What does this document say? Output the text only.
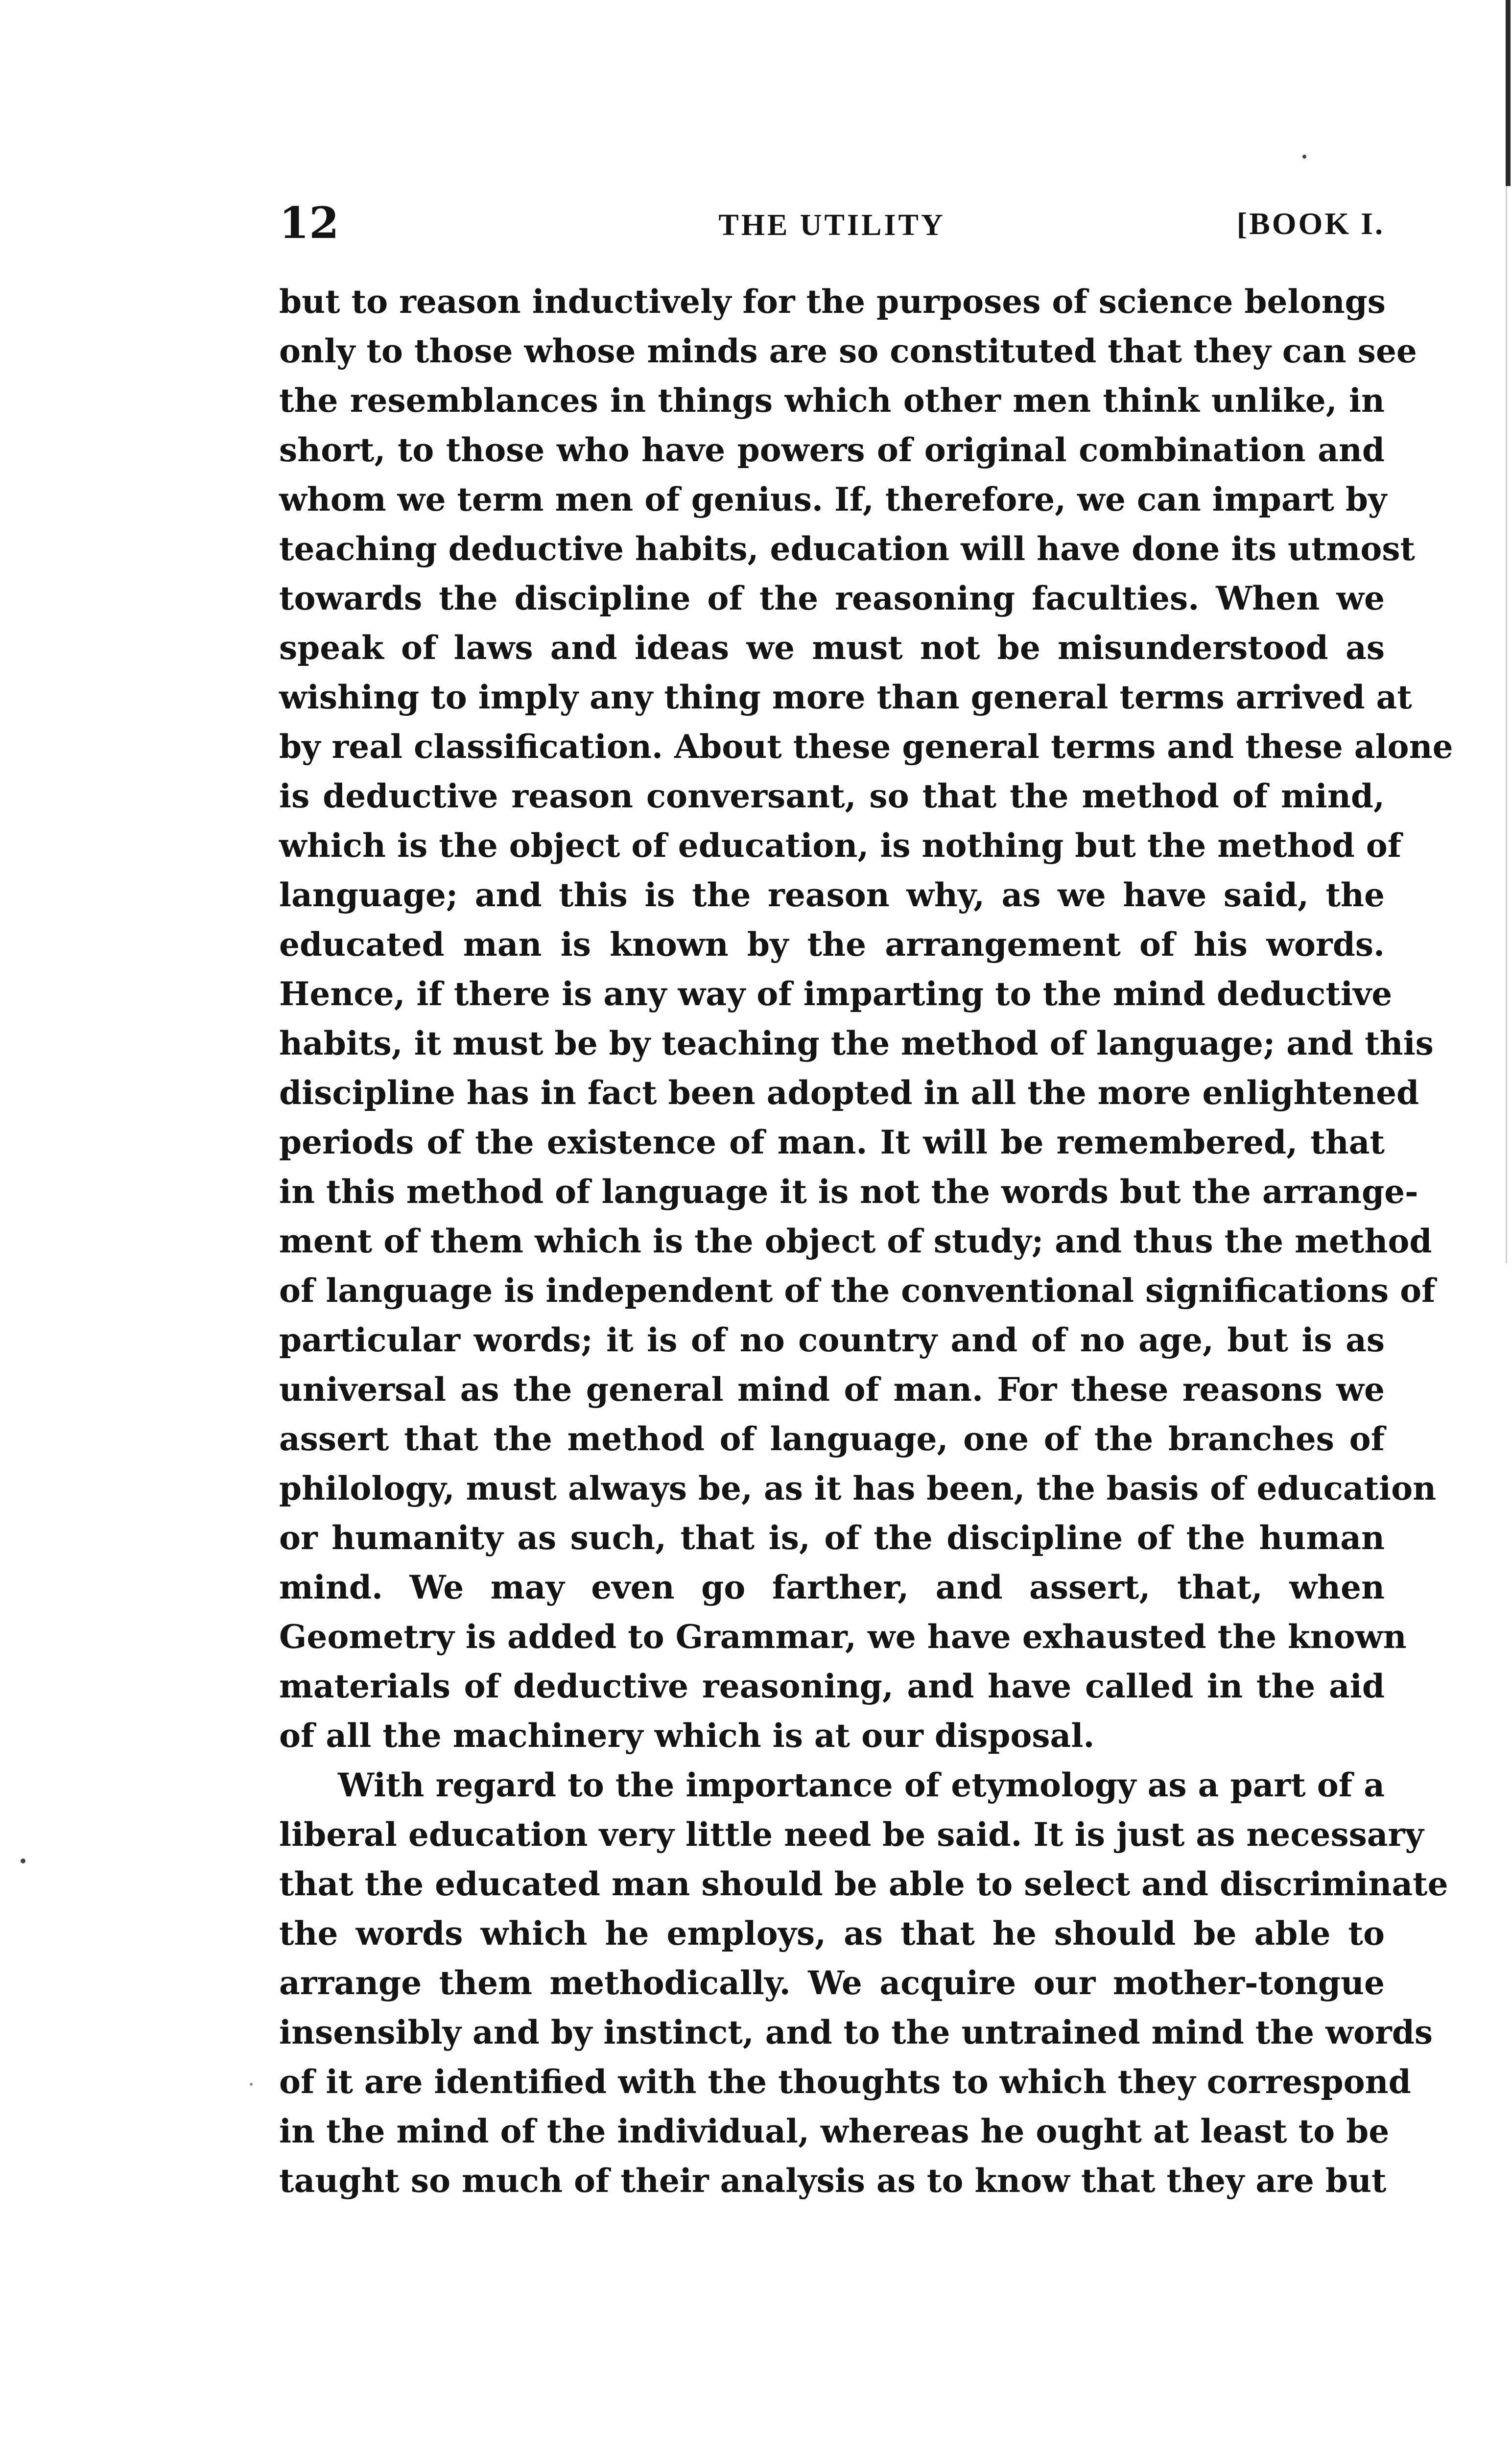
12	THE UTILITY	[BOOK I.
but to reason inductively for the purposes of science belongs
only to those whose minds are so constituted that they can see
the resemblances in things which other men think unlike, in
short, to those who have powers of original combination and
whom we term men of genius. If, therefore, we can impart by
teaching deductive habits, education will have done its utmost
towards the discipline of the reasoning faculties. When we
speak of laws and ideas we must not be misunderstood as
wishing to imply any thing more than general terms arrived at
by real classification. About these general terms and these alone
is deductive reason conversant, so that the method of mind,
which is the object of education, is nothing but the method of
language; and this is the reason why, as we have said, the
educated man is known by the arrangement of his words.
Hence, if there is any way of imparting to the mind deductive
habits, it must be by teaching the method of language; and this
discipline has in fact been adopted in all the more enlightened
periods of the existence of man. It will be remembered, that
in this method of language it is not the words but the arrange-
ment of them which is the object of study; and thus the method
of language is independent of the conventional significations of
particular words; it is of no country and of no age, but is as
universal as the general mind of man. For these reasons we
assert that the method of language, one of the branches of
philology, must always be, as it has been, the basis of education
or humanity as such, that is, of the discipline of the human
mind. We may even go farther, and assert, that, when
Geometry is added to Grammar, we have exhausted the known
materials of deductive reasoning, and have called in the aid
of all the machinery which is at our disposal.
With regard to the importance of etymology as a part of a
liberal education very little need be said. It is just as necessary
that the educated man should be able to select and discriminate
the words which he employs, as that he should be able to
arrange them methodically. We acquire our mother-tongue
insensibly and by instinct, and to the untrained mind the words
of it are identified with the thoughts to which they correspond
in the mind of the individual, whereas he ought at least to be
taught so much of their analysis as to know that they are but
